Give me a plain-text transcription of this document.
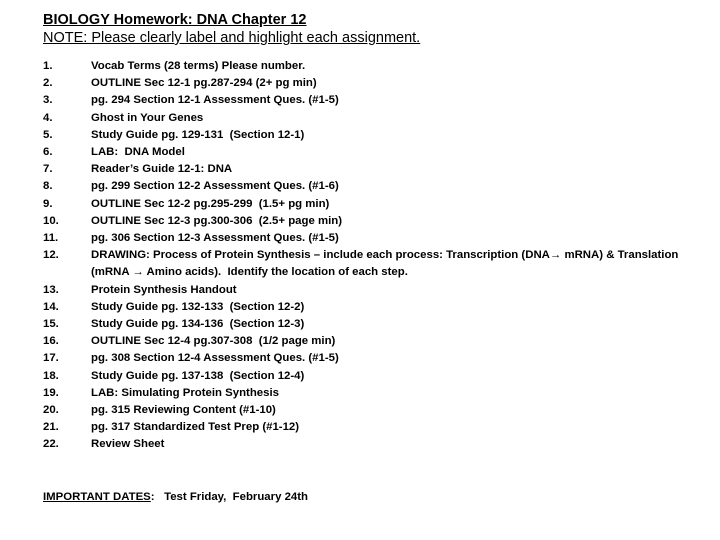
BIOLOGY Homework: DNA Chapter 12
NOTE: Please clearly label and highlight each assignment.
1.	Vocab Terms (28 terms) Please number.
2.	OUTLINE Sec 12-1 pg.287-294 (2+ pg min)
3.	pg. 294 Section 12-1 Assessment Ques. (#1-5)
4.	Ghost in Your Genes
5.	Study Guide pg. 129-131  (Section 12-1)
6.	LAB:  DNA Model
7.	Reader’s Guide 12-1: DNA
8.	pg. 299 Section 12-2 Assessment Ques. (#1-6)
9.	OUTLINE Sec 12-2 pg.295-299  (1.5+ pg min)
10.	OUTLINE Sec 12-3 pg.300-306  (2.5+ page min)
11.	pg. 306 Section 12-3 Assessment Ques. (#1-5)
12.	DRAWING: Process of Protein Synthesis – include each process: Transcription (DNA→ mRNA) & Translation (mRNA → Amino acids).  Identify the location of each step.
13.	Protein Synthesis Handout
14.	Study Guide pg. 132-133  (Section 12-2)
15.	Study Guide pg. 134-136  (Section 12-3)
16.	OUTLINE Sec 12-4 pg.307-308  (1/2 page min)
17.	pg. 308 Section 12-4 Assessment Ques. (#1-5)
18.	Study Guide pg. 137-138  (Section 12-4)
19.	LAB: Simulating Protein Synthesis
20.	pg. 315 Reviewing Content (#1-10)
21.	pg. 317 Standardized Test Prep (#1-12)
22.	Review Sheet
IMPORTANT DATES:   Test Friday,  February 24th
